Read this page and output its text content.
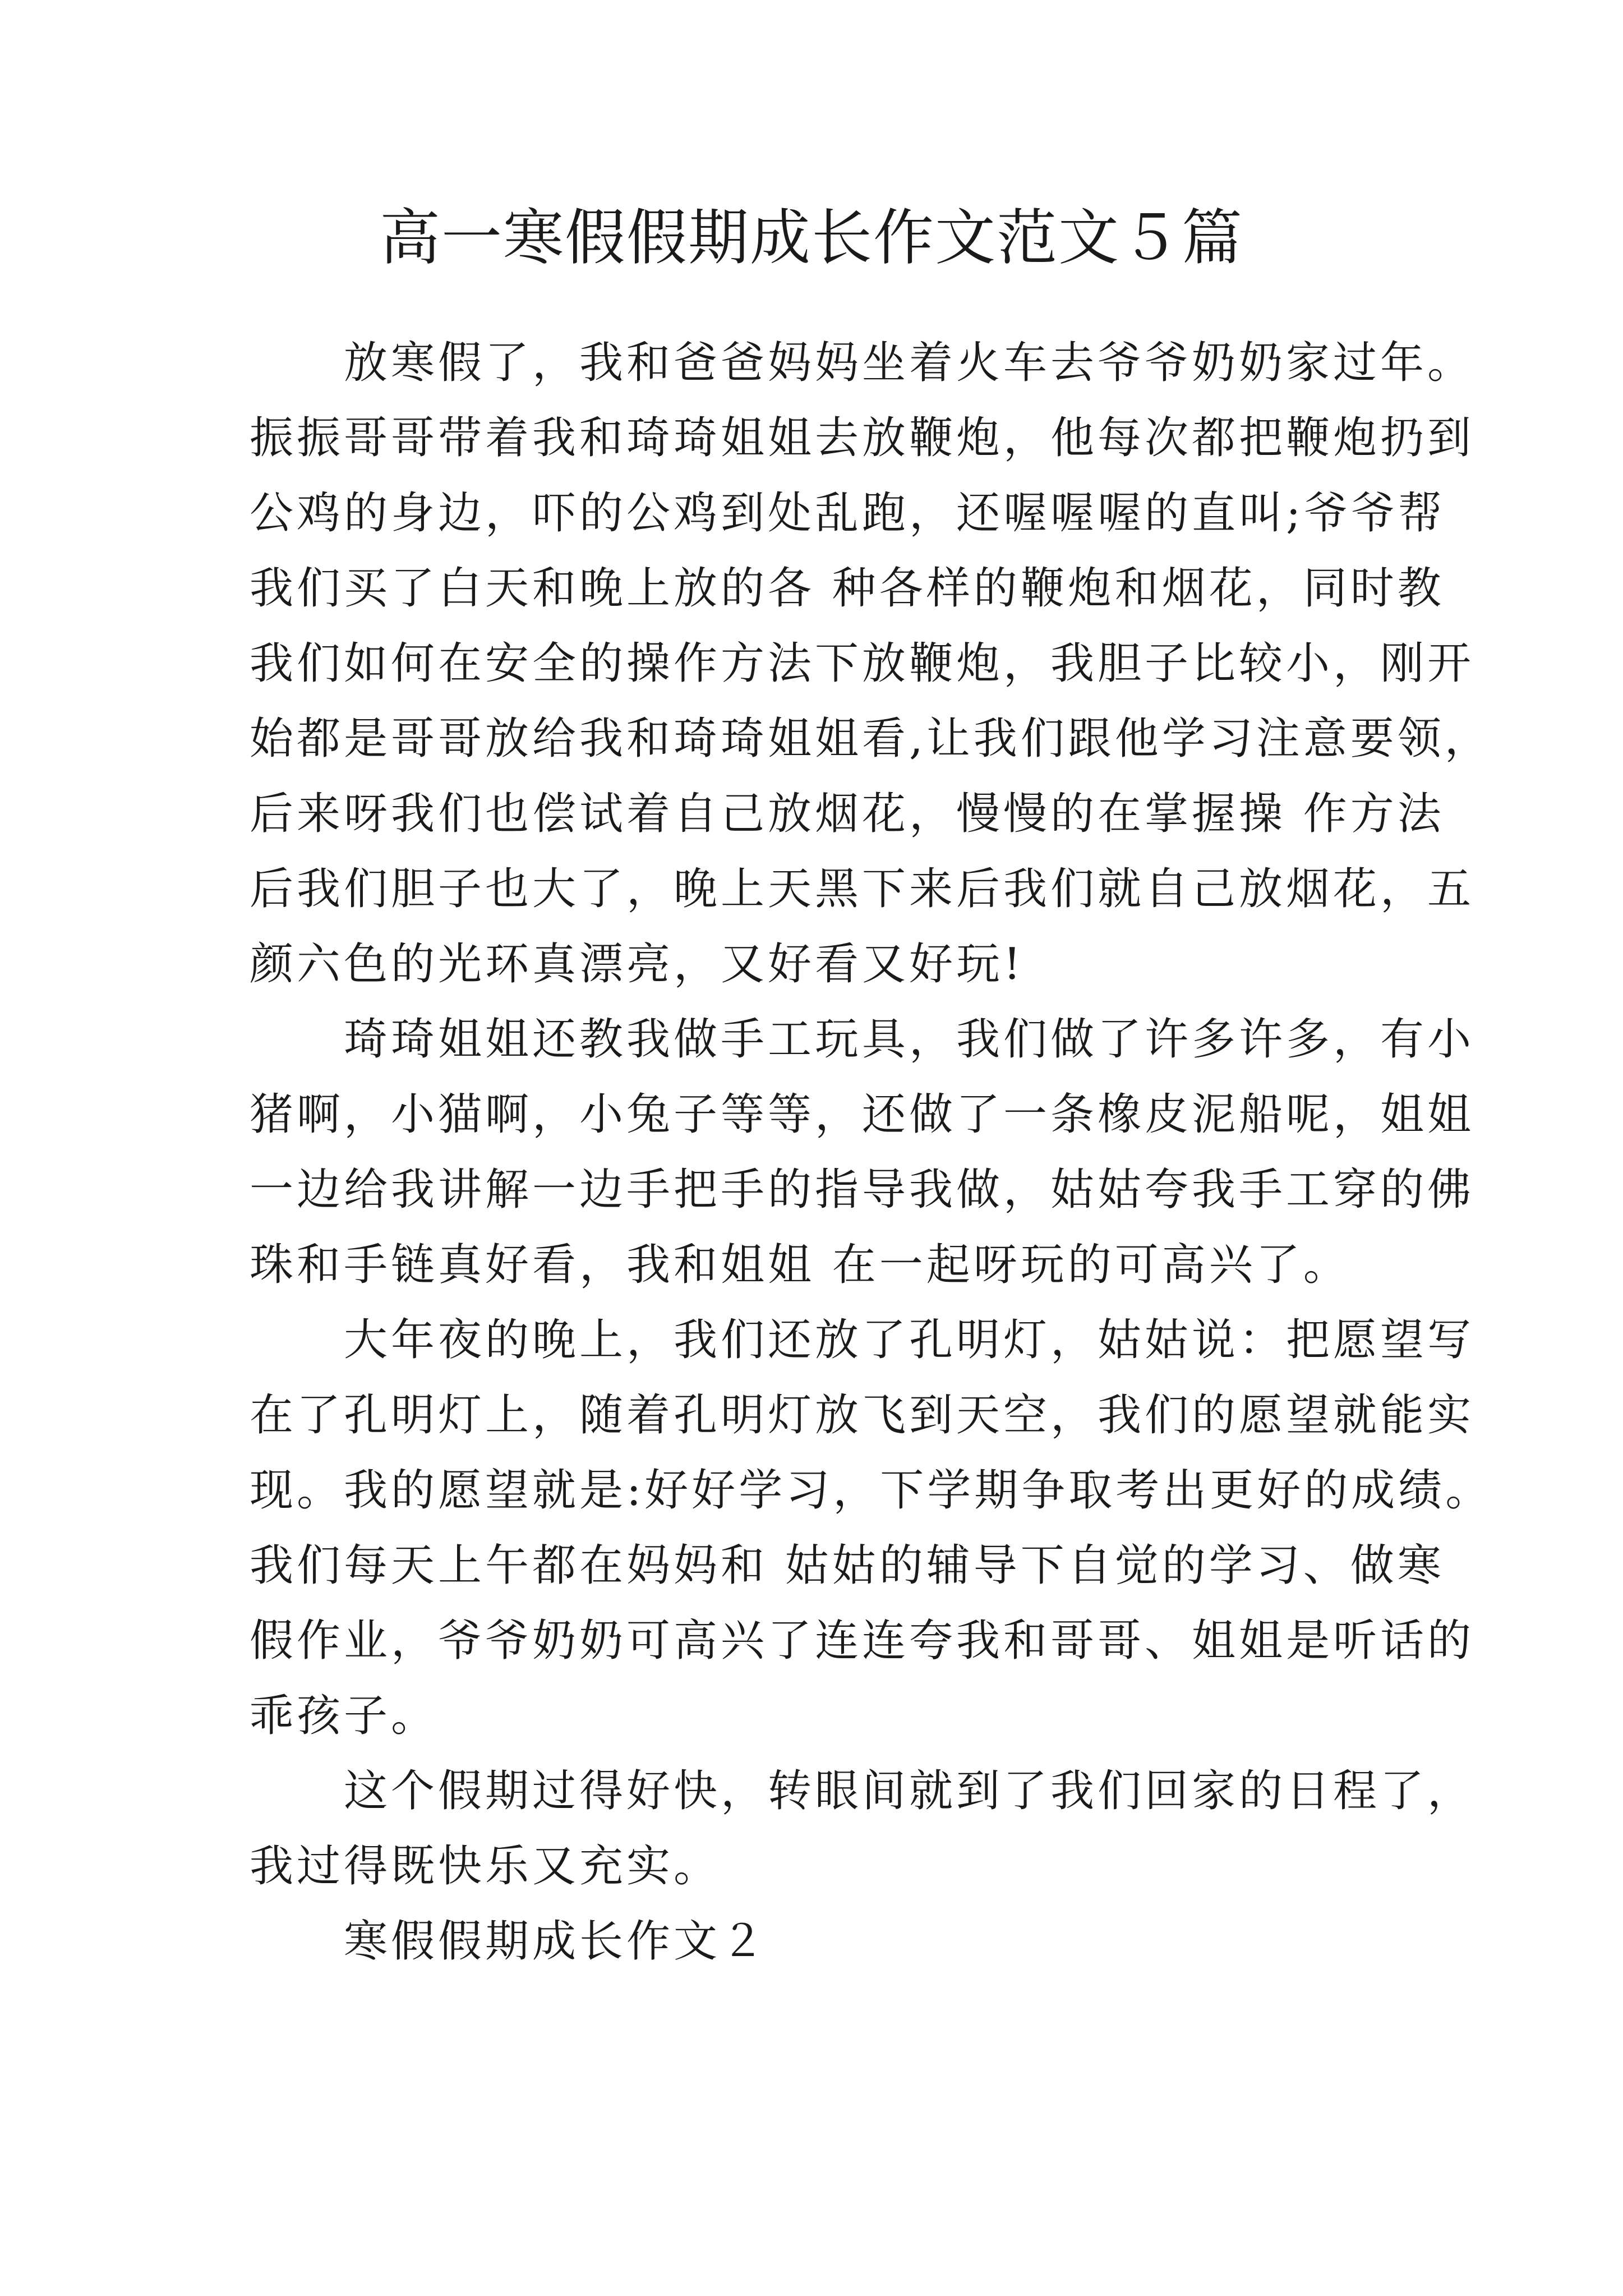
高一寒假假期成长作文范文５篇
　　放寒假了，我和爸爸妈妈坐着火车去爷爷奶奶家过年。
振振哥哥带着我和琦琦姐姐去放鞭炮，他每次都把鞭炮扔到
公鸡的身边，吓的公鸡到处乱跑，还喔喔喔的直叫;爷爷帮
我们买了白天和晚上放的各 种各样的鞭炮和烟花，同时教
我们如何在安全的操作方法下放鞭炮，我胆子比较小，刚开
始都是哥哥放给我和琦琦姐姐看,让我们跟他学习注意要领，
后来呀我们也偿试着自己放烟花，慢慢的在掌握操 作方法
后我们胆子也大了，晚上天黑下来后我们就自己放烟花，五
颜六色的光环真漂亮，又好看又好玩!
　　琦琦姐姐还教我做手工玩具，我们做了许多许多，有小
猪啊，小猫啊，小兔子等等，还做了一条橡皮泥船呢，姐姐
一边给我讲解一边手把手的指导我做，姑姑夸我手工穿的佛
珠和手链真好看，我和姐姐 在一起呀玩的可高兴了。
　　大年夜的晚上，我们还放了孔明灯，姑姑说：把愿望写
在了孔明灯上，随着孔明灯放飞到天空，我们的愿望就能实
现。我的愿望就是:好好学习，下学期争取考出更好的成绩。
我们每天上午都在妈妈和 姑姑的辅导下自觉的学习、做寒
假作业，爷爷奶奶可高兴了连连夸我和哥哥、姐姐是听话的
乖孩子。
　　这个假期过得好快，转眼间就到了我们回家的日程了，
我过得既快乐又充实。
　　寒假假期成长作文２
